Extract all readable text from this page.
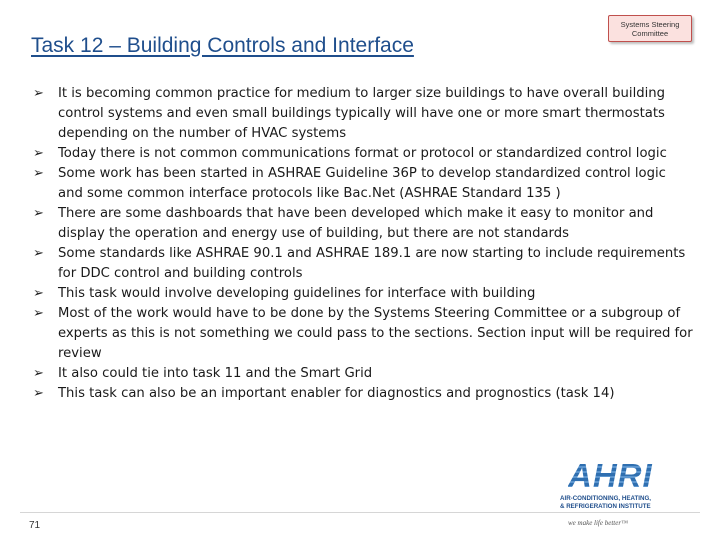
Task 12 – Building Controls and Interface
Systems Steering Committee
➢ It is becoming common practice for medium to larger size buildings to have overall building control systems and even small buildings typically will have one or more smart thermostats depending on the number of HVAC systems
➢ Today there is not common communications format or protocol or standardized control logic
➢ Some work has been started in ASHRAE Guideline 36P to develop standardized control logic and some common interface protocols like Bac.Net (ASHRAE Standard 135 )
➢ There are some dashboards that have been developed which make it easy to monitor and display the operation and energy use of building, but there are not standards
➢ Some standards like ASHRAE 90.1 and ASHRAE 189.1 are now starting to include requirements for DDC control and building controls
➢ This task would involve developing guidelines for interface with building
➢ Most of the work would have to be done by the Systems Steering Committee or a subgroup of experts as this is not something we could pass to the sections. Section input will be required for review
➢ It also could tie into task 11 and the Smart Grid
➢ This task can also be an important enabler for diagnostics and prognostics (task 14)
AHRI
AIR-CONDITIONING, HEATING,
& REFRIGERATION INSTITUTE
we make life better™
71
